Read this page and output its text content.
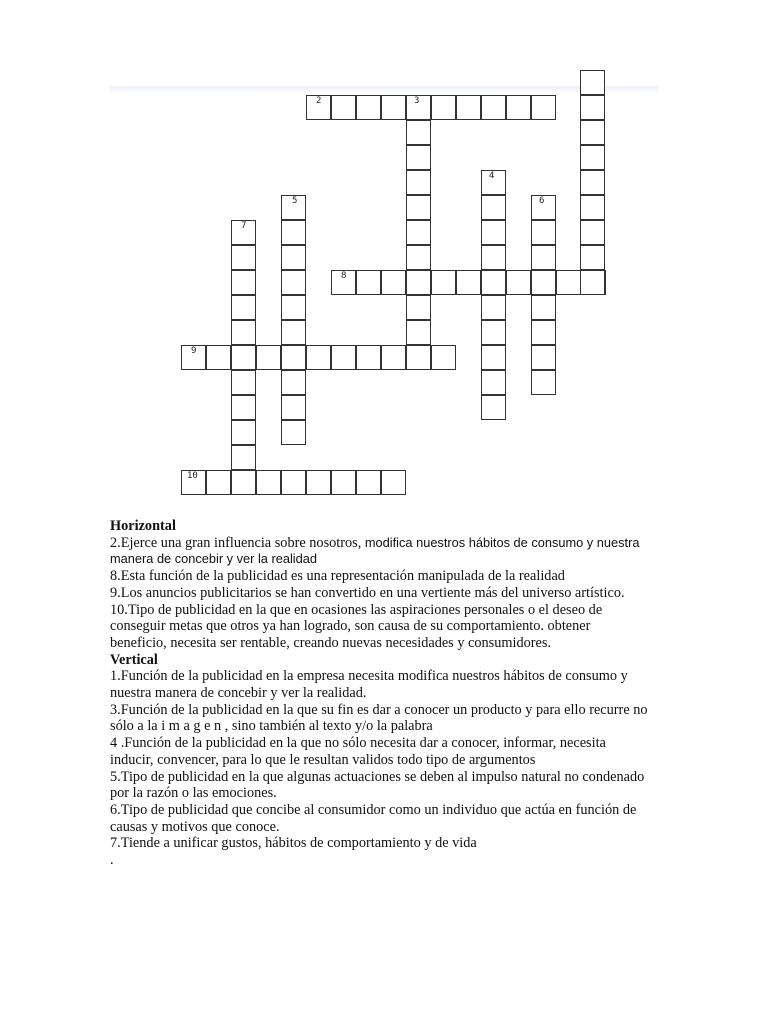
2	3
4
5	6
7
8
9
10

Horizontal

2.Ejerce una gran influencia sobre nosotros, modifica nuestros hábitos de consumo y nuestra manera de concebir y ver la realidad

8.Esta función de la publicidad es una representación manipulada de la realidad

9.Los anuncios publicitarios se han convertido en una vertiente más del universo artístico.

10.Tipo de publicidad en la que en ocasiones las aspiraciones personales o el deseo de conseguir metas que otros ya han logrado, son causa de su comportamiento. obtener beneficio, necesita ser rentable, creando nuevas necesidades y consumidores.

Vertical

1.Función de la publicidad en la empresa necesita modifica nuestros hábitos de consumo y nuestra manera de concebir y ver la realidad.

3.Función de la publicidad en la que su fin es dar a conocer un producto y para ello recurre no sólo a la i m a g e n , sino también al texto y/o la palabra

4 .Función de la publicidad en la que no sólo necesita dar a conocer, informar, necesita inducir, convencer, para lo que le resultan validos todo tipo de argumentos

5.Tipo de publicidad en la que algunas actuaciones se deben al impulso natural no condenado por la razón o las emociones.

6.Tipo de publicidad que concibe al consumidor como un individuo que actúa en función de causas y motivos que conoce.

7.Tiende a unificar gustos, hábitos de comportamiento y de vida

.
